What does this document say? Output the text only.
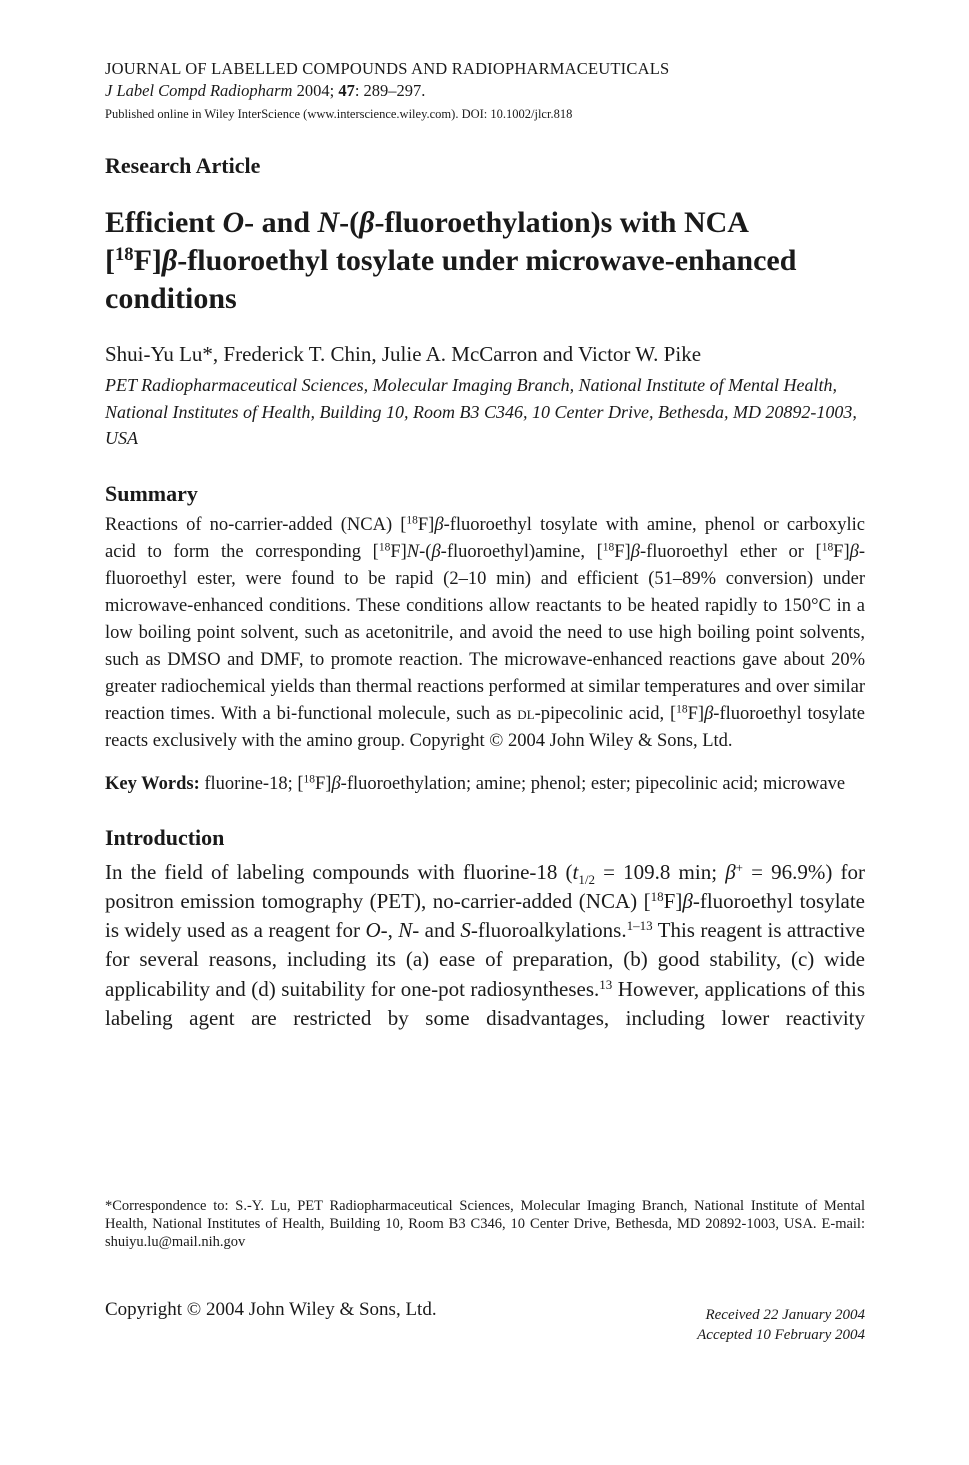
JOURNAL OF LABELLED COMPOUNDS AND RADIOPHARMACEUTICALS
J Label Compd Radiopharm 2004; 47: 289–297.
Published online in Wiley InterScience (www.interscience.wiley.com). DOI: 10.1002/jlcr.818
Research Article
Efficient O- and N-(β-fluoroethylation)s with NCA
[$^{18}$F]β-fluoroethyl tosylate under microwave-enhanced conditions
Shui-Yu Lu*, Frederick T. Chin, Julie A. McCarron and Victor W. Pike
PET Radiopharmaceutical Sciences, Molecular Imaging Branch, National Institute of Mental Health, National Institutes of Health, Building 10, Room B3 C346, 10 Center Drive, Bethesda, MD 20892-1003, USA
Summary
Reactions of no-carrier-added (NCA) [$^{18}$F]β-fluoroethyl tosylate with amine, phenol or carboxylic acid to form the corresponding [$^{18}$F]N-(β-fluoroethyl)amine, [$^{18}$F]β-fluoroethyl ether or [$^{18}$F]β-fluoroethyl ester, were found to be rapid (2–10 min) and efficient (51–89% conversion) under microwave-enhanced conditions. These conditions allow reactants to be heated rapidly to 150°C in a low boiling point solvent, such as acetonitrile, and avoid the need to use high boiling point solvents, such as DMSO and DMF, to promote reaction. The microwave-enhanced reactions gave about 20% greater radiochemical yields than thermal reactions performed at similar temperatures and over similar reaction times. With a bi-functional molecule, such as dl-pipecolinic acid, [$^{18}$F]β-fluoroethyl tosylate reacts exclusively with the amino group. Copyright © 2004 John Wiley & Sons, Ltd.
Key Words: fluorine-18; [$^{18}$F]β-fluoroethylation; amine; phenol; ester; pipecolinic acid; microwave
Introduction
In the field of labeling compounds with fluorine-18 ($t_{1/2} = 109.8$ min; β+ = 96.9%) for positron emission tomography (PET), no-carrier-added (NCA) [$^{18}$F]β-fluoroethyl tosylate is widely used as a reagent for O-, N- and S-fluoroalkylations.$^{1-13}$ This reagent is attractive for several reasons, including its (a) ease of preparation, (b) good stability, (c) wide applicability and (d) suitability for one-pot radiosyntheses.$^{13}$ However, applications of this labeling agent are restricted by some disadvantages, including lower reactivity
*Correspondence to: S.-Y. Lu, PET Radiopharmaceutical Sciences, Molecular Imaging Branch, National Institute of Mental Health, National Institutes of Health, Building 10, Room B3 C346, 10 Center Drive, Bethesda, MD 20892-1003, USA. E-mail: shuiyu.lu@mail.nih.gov
Copyright © 2004 John Wiley & Sons, Ltd.	Received 22 January 2004
Accepted 10 February 2004
